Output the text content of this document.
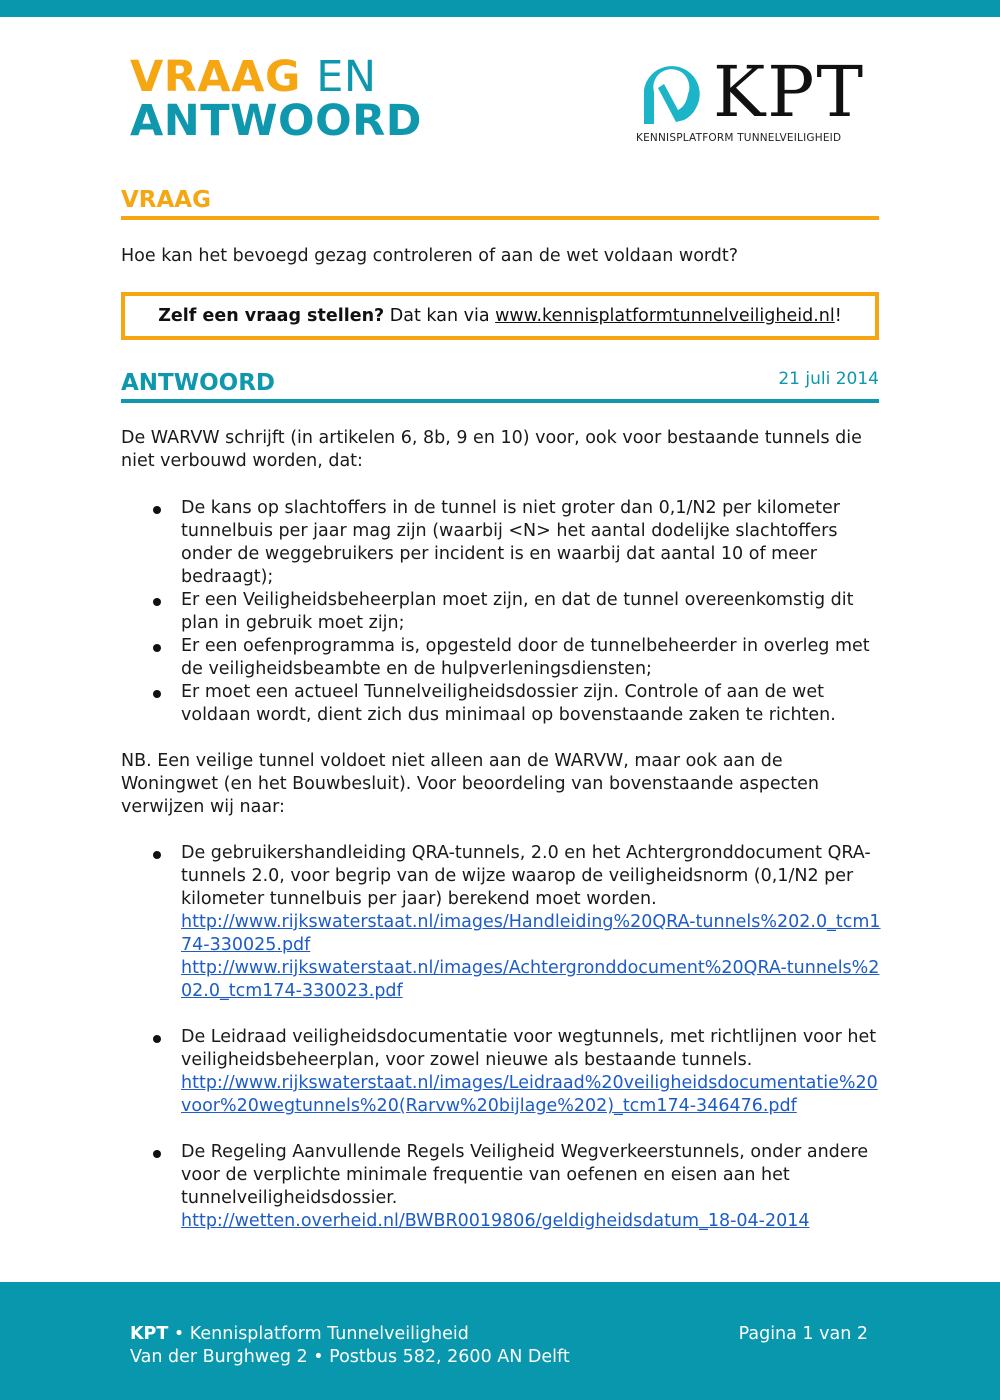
VRAAG EN
ANTWOORD	KPT
KENNISPLATFORM TUNNELVEILIGHEID
VRAAG
Hoe kan het bevoegd gezag controleren of aan de wet voldaan wordt?
Zelf een vraag stellen? Dat kan via www.kennisplatformtunnelveiligheid.nl!
ANTWOORD	21 juli 2014
De WARVW schrijft (in artikelen 6, 8b, 9 en 10) voor, ook voor bestaande tunnels die niet verbouwd worden, dat:
De kans op slachtoffers in de tunnel is niet groter dan 0,1/N2 per kilometer tunnelbuis per jaar mag zijn (waarbij <N> het aantal dodelijke slachtoffers onder de weggebruikers per incident is en waarbij dat aantal 10 of meer bedraagt);
Er een Veiligheidsbeheerplan moet zijn, en dat de tunnel overeenkomstig dit plan in gebruik moet zijn;
Er een oefenprogramma is, opgesteld door de tunnelbeheerder in overleg met de veiligheidsbeambte en de hulpverleningsdiensten;
Er moet een actueel Tunnelveiligheidsdossier zijn. Controle of aan de wet voldaan wordt, dient zich dus minimaal op bovenstaande zaken te richten.
NB. Een veilige tunnel voldoet niet alleen aan de WARVW, maar ook aan de Woningwet (en het Bouwbesluit). Voor beoordeling van bovenstaande aspecten verwijzen wij naar:
De gebruikershandleiding QRA-tunnels, 2.0 en het Achtergronddocument QRA-tunnels 2.0, voor begrip van de wijze waarop de veiligheidsnorm (0,1/N2 per kilometer tunnelbuis per jaar) berekend moet worden.
http://www.rijkswaterstaat.nl/images/Handleiding%20QRA-tunnels%202.0_tcm174-330025.pdf
http://www.rijkswaterstaat.nl/images/Achtergronddocument%20QRA-tunnels%202.0_tcm174-330023.pdf
De Leidraad veiligheidsdocumentatie voor wegtunnels, met richtlijnen voor het veiligheidsbeheerplan, voor zowel nieuwe als bestaande tunnels.
http://www.rijkswaterstaat.nl/images/Leidraad%20veiligheidsdocumentatie%20voor%20wegtunnels%20(Rarvw%20bijlage%202)_tcm174-346476.pdf
De Regeling Aanvullende Regels Veiligheid Wegverkeerstunnels, onder andere voor de verplichte minimale frequentie van oefenen en eisen aan het tunnelveiligheidsdossier.
http://wetten.overheid.nl/BWBR0019806/geldigheidsdatum_18-04-2014
KPT • Kennisplatform Tunnelveiligheid
Van der Burghweg 2 • Postbus 582, 2600 AN Delft
Pagina 1 van 2
